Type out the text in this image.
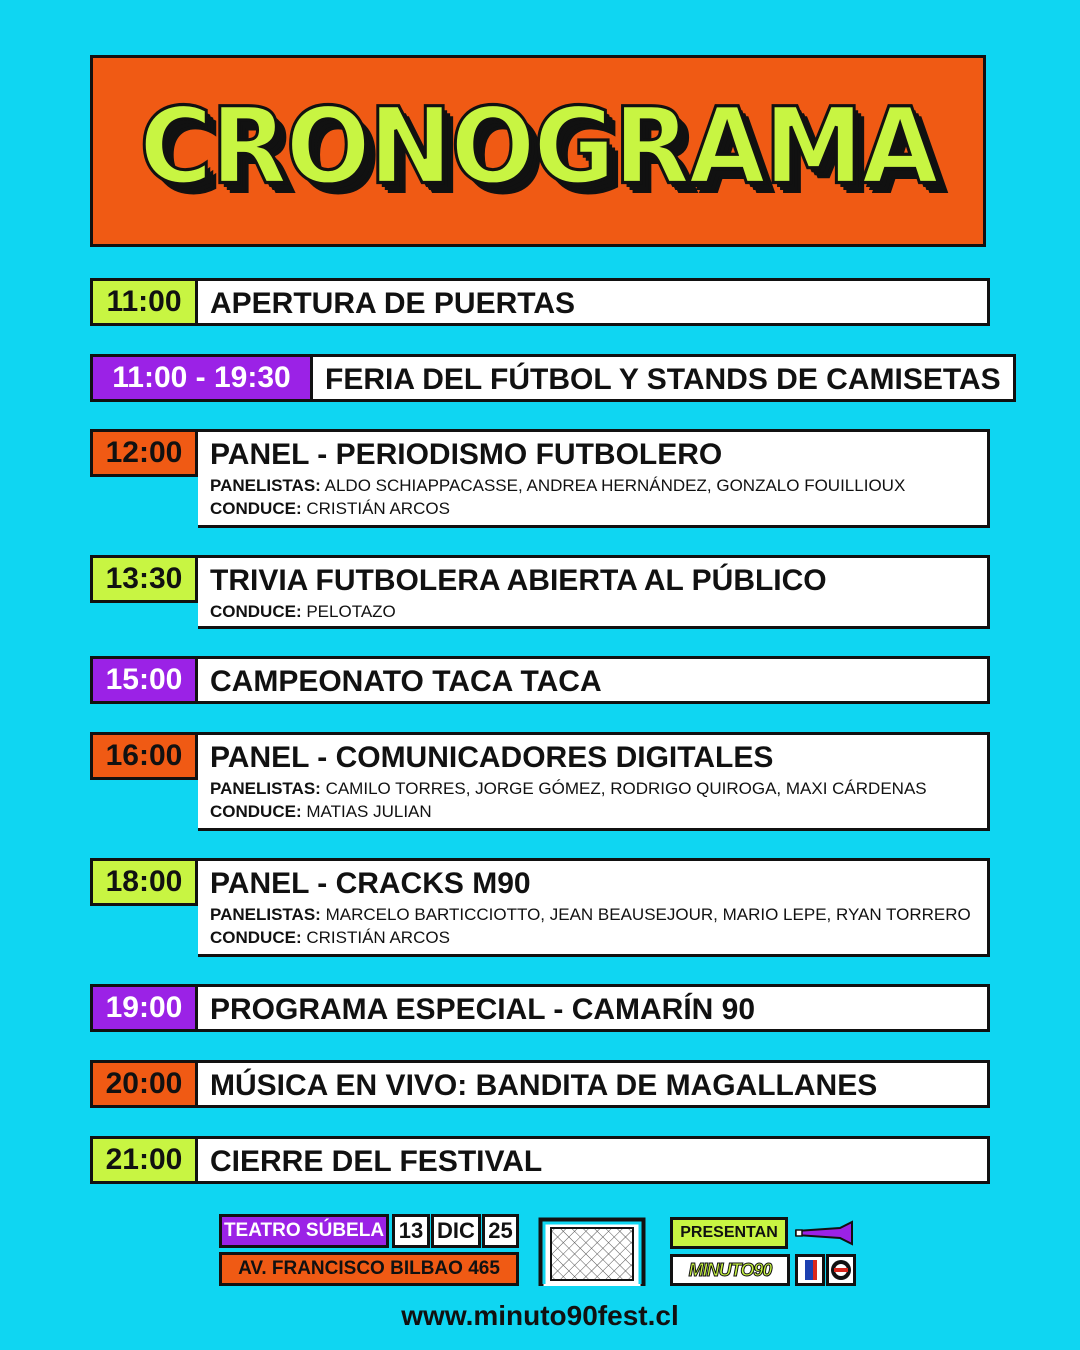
CRONOGRAMA
11:00 APERTURA DE PUERTAS
11:00 - 19:30	FERIA DEL FÚTBOL Y STANDS DE CAMISETAS
12:00 PANEL - PERIODISMO FUTBOLERO
PANELISTAS: ALDO SCHIAPPACASSE, ANDREA HERNÁNDEZ, GONZALO FOUILLIOUX
CONDUCE: CRISTIÁN ARCOS
13:30 TRIVIA FUTBOLERA ABIERTA AL PÚBLICO
CONDUCE: PELOTAZO
15:00 CAMPEONATO TACA TACA
16:00 PANEL - COMUNICADORES DIGITALES
PANELISTAS: CAMILO TORRES, JORGE GÓMEZ, RODRIGO QUIROGA, MAXI CÁRDENAS
CONDUCE: MATIAS JULIAN
18:00 PANEL - CRACKS M90
PANELISTAS: MARCELO BARTICCIOTTO, JEAN BEAUSEJOUR, MARIO LEPE, RYAN TORRERO
CONDUCE: CRISTIÁN ARCOS
19:00 PROGRAMA ESPECIAL - CAMARÍN 90
20:00 MÚSICA EN VIVO: BANDITA DE MAGALLANES
21:00 CIERRE DEL FESTIVAL
TEATRO SÚBELA 13 DIC 25
AV. FRANCISCO BILBAO 465
PRESENTAN
MINUTO90
www.minuto90fest.cl
